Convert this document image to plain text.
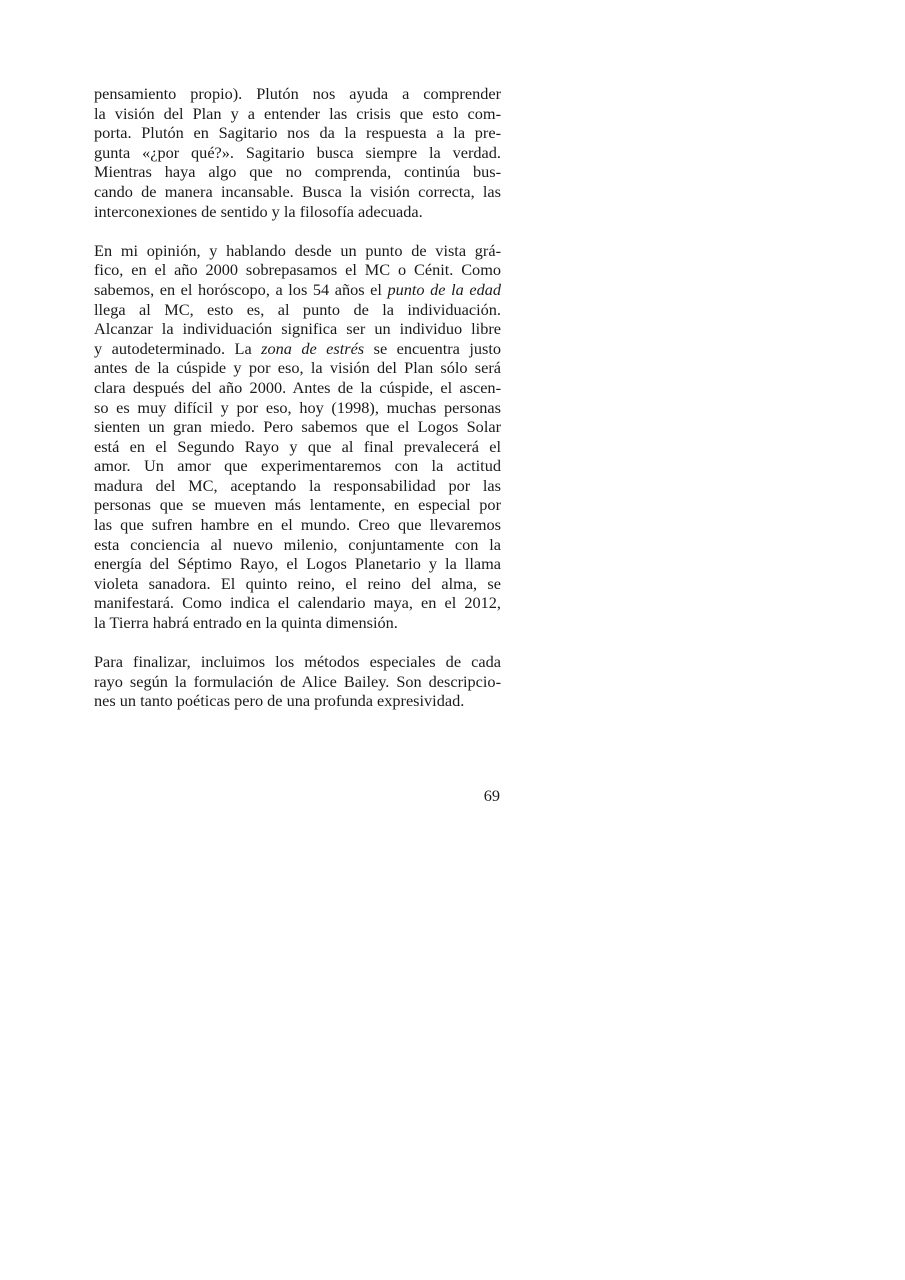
pensamiento propio). Plutón nos ayuda a comprender
la visión del Plan y a entender las crisis que esto com-
porta. Plutón en Sagitario nos da la respuesta a la pre-
gunta «¿por qué?». Sagitario busca siempre la verdad.
Mientras haya algo que no comprenda, continúa bus-
cando de manera incansable. Busca la visión correcta, las
interconexiones de sentido y la filosofía adecuada.
En mi opinión, y hablando desde un punto de vista grá-
fico, en el año 2000 sobrepasamos el MC o Cénit. Como
sabemos, en el horóscopo, a los 54 años el punto de la edad
llega al MC, esto es, al punto de la individuación.
Alcanzar la individuación significa ser un individuo libre
y autodeterminado. La zona de estrés se encuentra justo
antes de la cúspide y por eso, la visión del Plan sólo será
clara después del año 2000. Antes de la cúspide, el ascen-
so es muy difícil y por eso, hoy (1998), muchas personas
sienten un gran miedo. Pero sabemos que el Logos Solar
está en el Segundo Rayo y que al final prevalecerá el
amor. Un amor que experimentaremos con la actitud
madura del MC, aceptando la responsabilidad por las
personas que se mueven más lentamente, en especial por
las que sufren hambre en el mundo. Creo que llevaremos
esta conciencia al nuevo milenio, conjuntamente con la
energía del Séptimo Rayo, el Logos Planetario y la llama
violeta sanadora. El quinto reino, el reino del alma, se
manifestará. Como indica el calendario maya, en el 2012,
la Tierra habrá entrado en la quinta dimensión.
Para finalizar, incluimos los métodos especiales de cada
rayo según la formulación de Alice Bailey. Son descripcio-
nes un tanto poéticas pero de una profunda expresividad.
69
